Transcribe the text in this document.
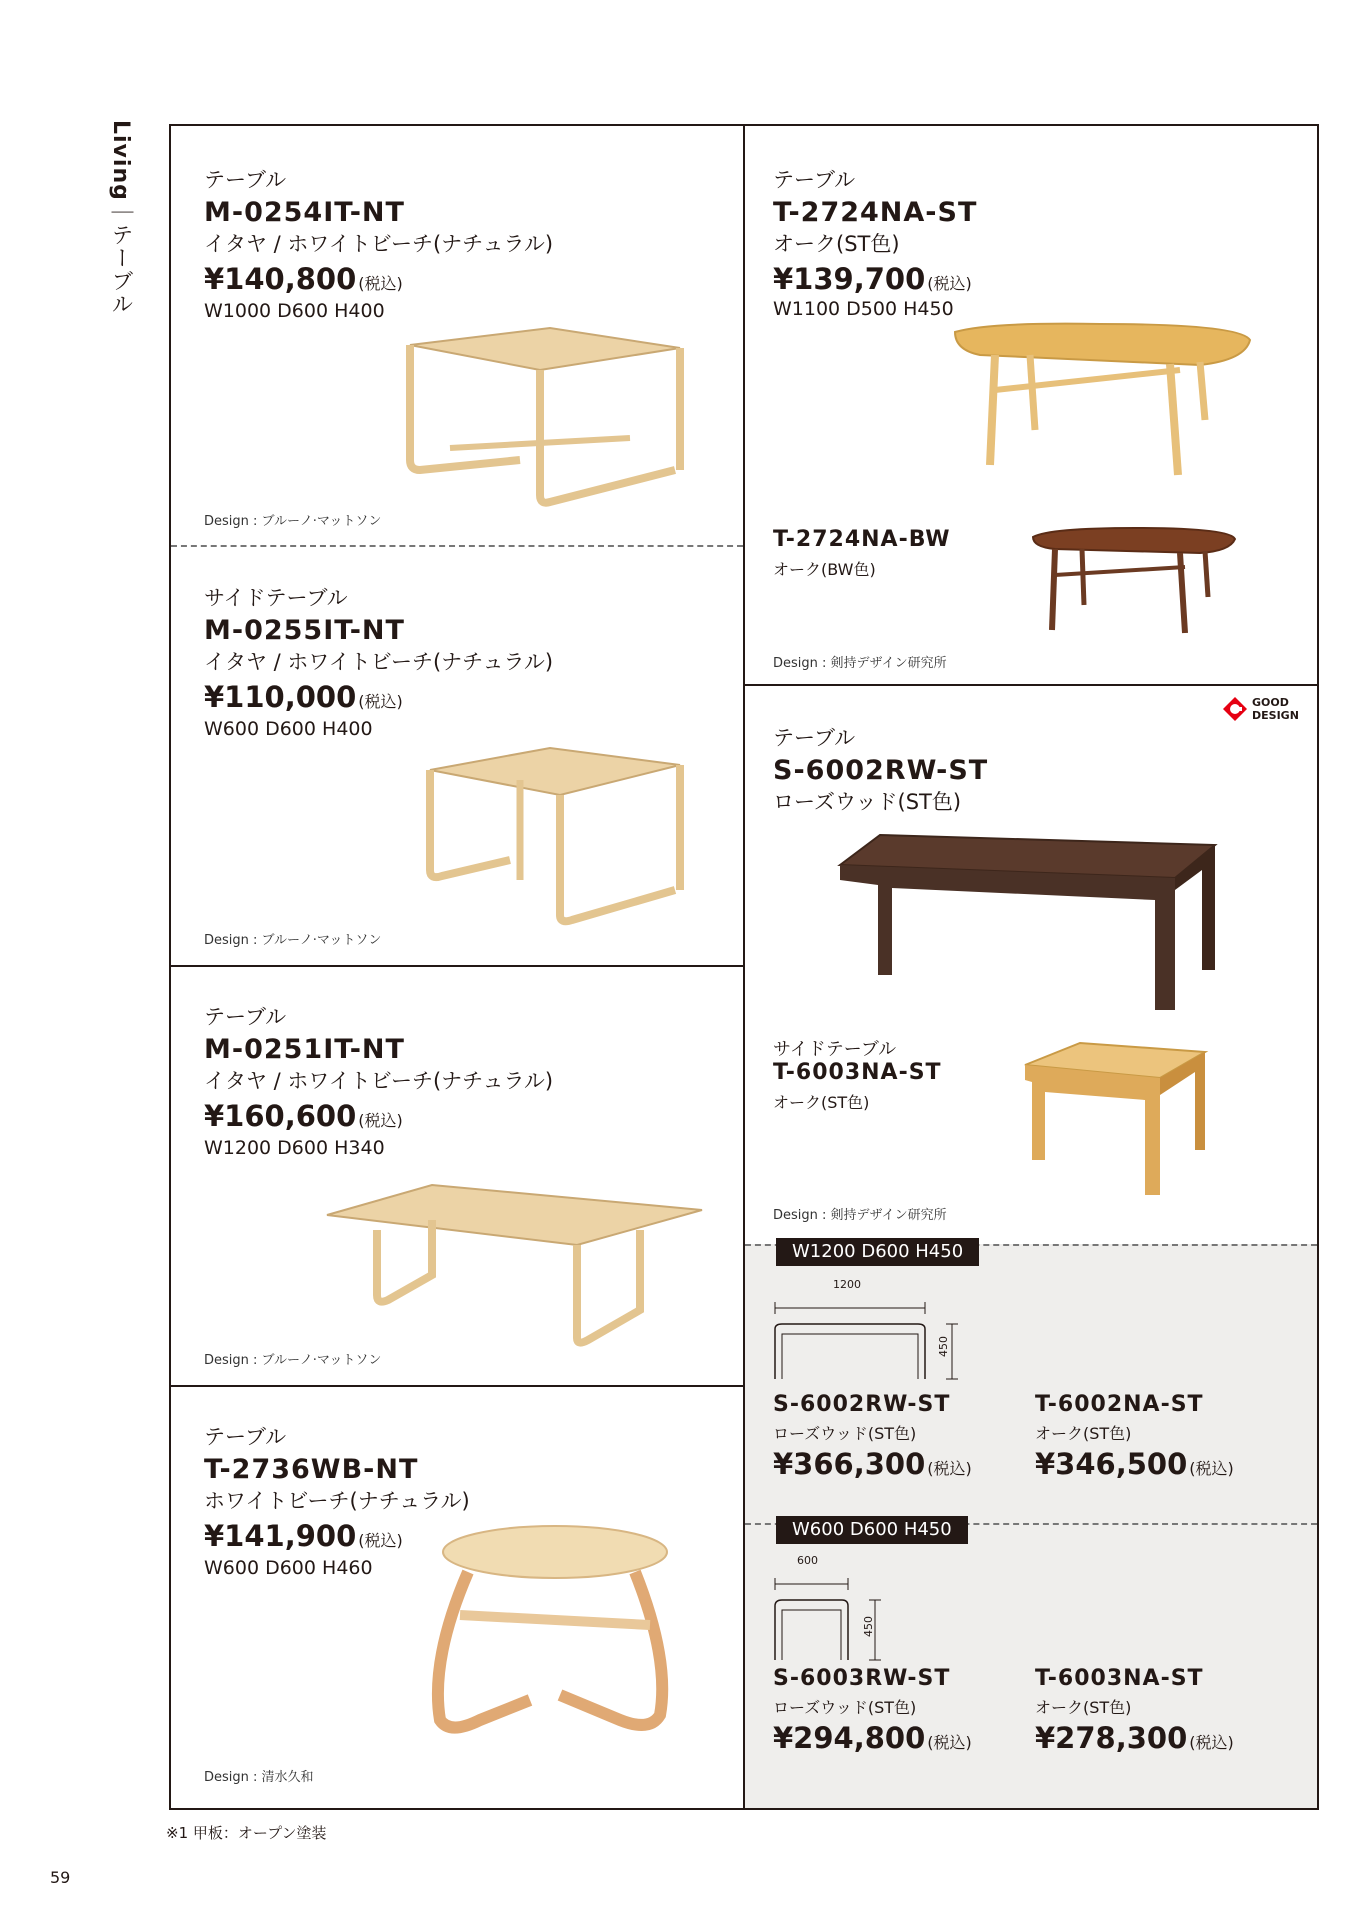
Living｜テーブル
テーブル
M-0254IT-NT
イタヤ / ホワイトビーチ(ナチュラル)
¥140,800 (税込)
W1000 D600 H400
Design : ブルーノ·マットソン
サイドテーブル
M-0255IT-NT
イタヤ / ホワイトビーチ(ナチュラル)
¥110,000 (税込)
W600 D600 H400
Design : ブルーノ·マットソン
テーブル
M-0251IT-NT
イタヤ / ホワイトビーチ(ナチュラル)
¥160,600 (税込)
W1200 D600 H340
Design : ブルーノ·マットソン
テーブル
T-2736WB-NT
ホワイトビーチ(ナチュラル)
¥141,900 (税込)
W600 D600 H460
Design : 清水久和
テーブル
T-2724NA-ST
オーク(ST色)
¥139,700 (税込)
W1100 D500 H450
T-2724NA-BW
オーク(BW色)
Design : 剣持デザイン研究所
GOOD
DESIGN
テーブル
S-6002RW-ST
ローズウッド(ST色)
サイドテーブル
T-6003NA-ST
オーク(ST色)
Design : 剣持デザイン研究所
W1200 D600 H450
1200
450
S-6002RW-ST
ローズウッド(ST色)
¥366,300 (税込)
T-6002NA-ST
オーク(ST色)
¥346,500 (税込)
W600 D600 H450
600
450
S-6003RW-ST
ローズウッド(ST色)
¥294,800 (税込)
T-6003NA-ST
オーク(ST色)
¥278,300 (税込)
※1 甲板：オープン塗装
59
